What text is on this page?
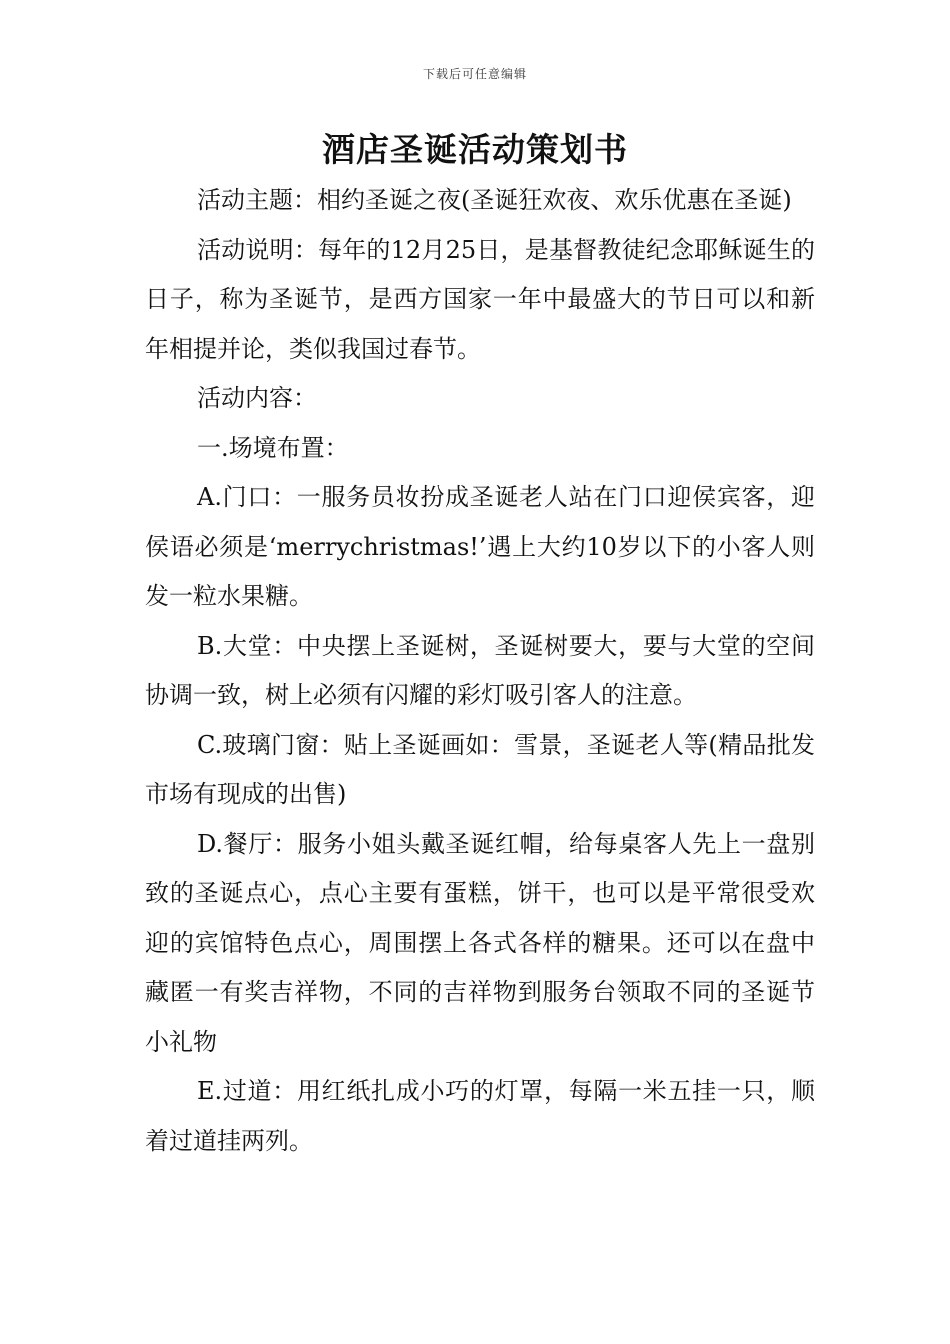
下载后可任意编辑
酒店圣诞活动策划书

活动主题：相约圣诞之夜(圣诞狂欢夜、欢乐优惠在圣诞)

活动说明：每年的12月25日，是基督教徒纪念耶稣诞生的日子，称为圣诞节，是西方国家一年中最盛大的节日可以和新年相提并论，类似我国过春节。

活动内容：

一.场境布置：

A.门口：一服务员妆扮成圣诞老人站在门口迎侯宾客，迎侯语必须是‘merrychristmas!’遇上大约10岁以下的小客人则发一粒水果糖。

B.大堂：中央摆上圣诞树，圣诞树要大，要与大堂的空间协调一致，树上必须有闪耀的彩灯吸引客人的注意。

C.玻璃门窗：贴上圣诞画如：雪景，圣诞老人等(精品批发市场有现成的出售)

D.餐厅：服务小姐头戴圣诞红帽，给每桌客人先上一盘别致的圣诞点心，点心主要有蛋糕，饼干，也可以是平常很受欢迎的宾馆特色点心，周围摆上各式各样的糖果。还可以在盘中藏匿一有奖吉祥物，不同的吉祥物到服务台领取不同的圣诞节小礼物

E.过道：用红纸扎成小巧的灯罩，每隔一米五挂一只，顺着过道挂两列。
